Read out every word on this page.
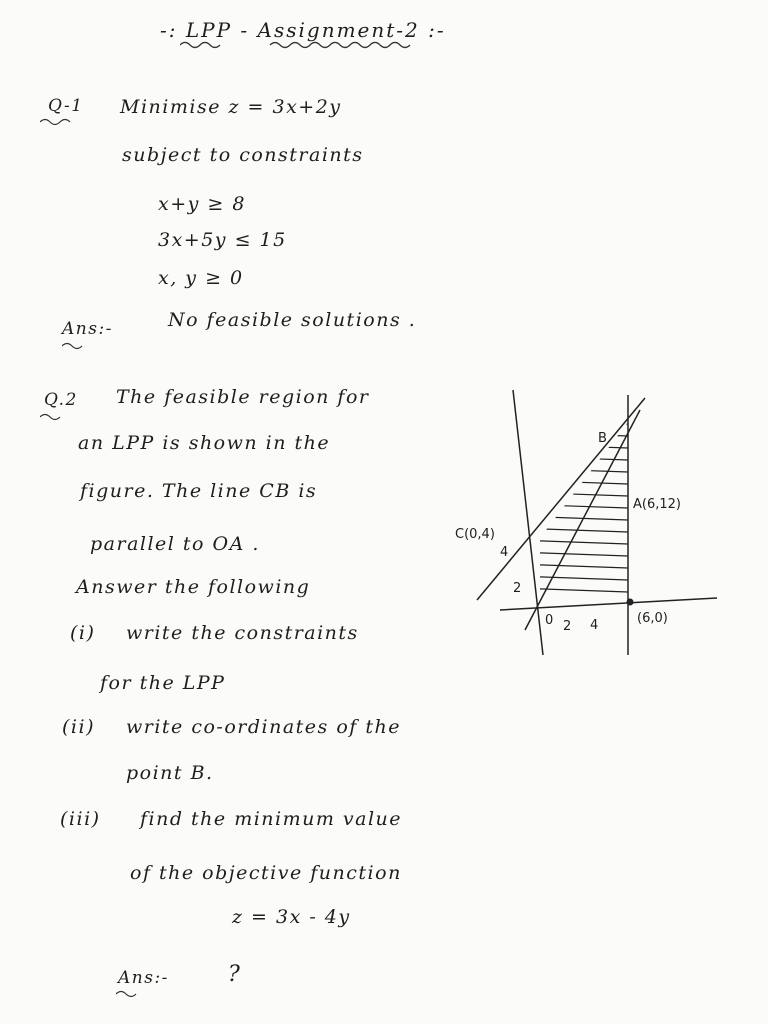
-: LPP - Assignment-2 :-
Q-1 Minimise z = 3x+2y
subject to constraints
x+y ≥ 8
3x+5y ≤ 15
x, y ≥ 0
Ans:-	No feasible solutions .
Q.2 The feasible region for
an LPP is shown in the
figure. The line CB is
parallel to OA .
Answer the following
(i) write the constraints
for the LPP
(ii) write co-ordinates of the
point B.
(iii) find the minimum value
of the objective function
z = 3x - 4y
Ans:-	?
B
A(6,12)
C(0,4)
4
2
0 2 4	(6,0)
